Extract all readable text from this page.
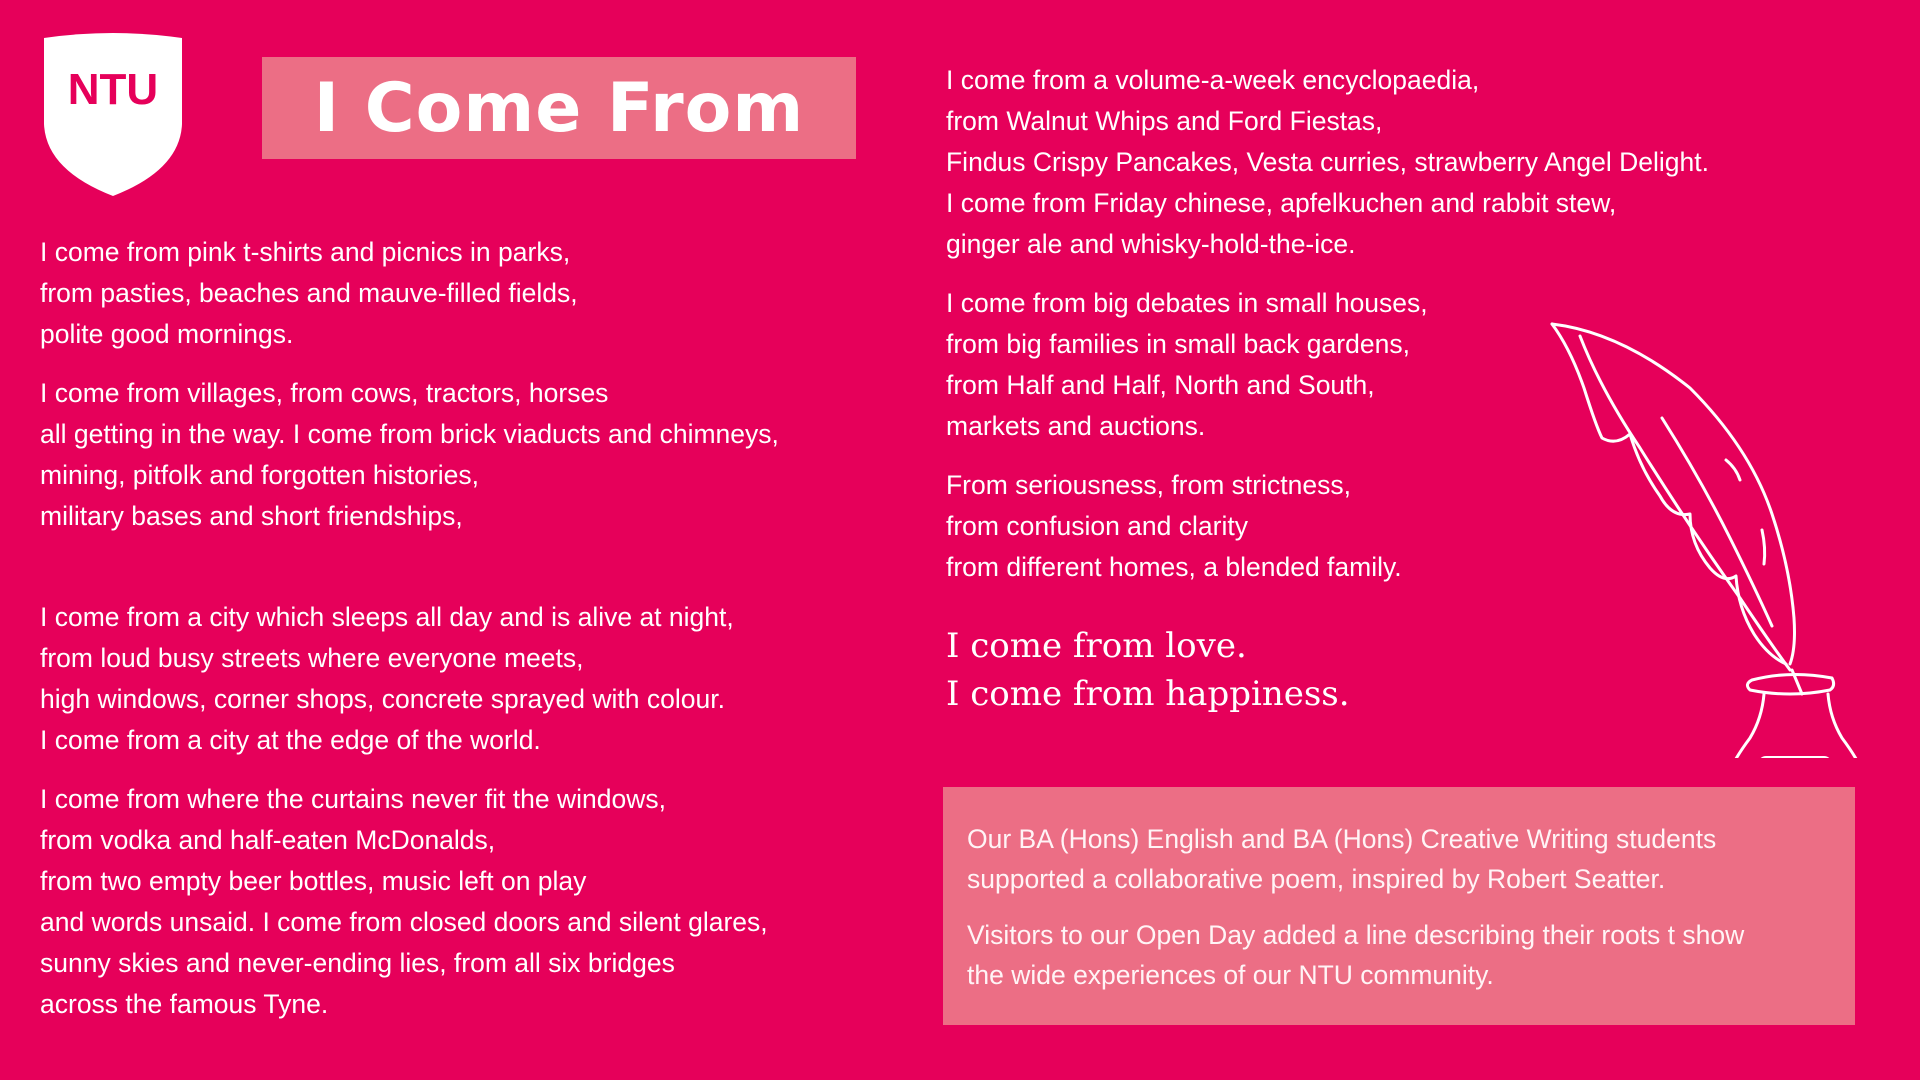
NTU I Come From
I come from pink t-shirts and picnics in parks,
from pasties, beaches and mauve-filled fields,
polite good mornings.
I come from villages, from cows, tractors, horses
all getting in the way. I come from brick viaducts and chimneys,
mining, pitfolk and forgotten histories,
military bases and short friendships,
I come from a city which sleeps all day and is alive at night,
from loud busy streets where everyone meets,
high windows, corner shops, concrete sprayed with colour.
I come from a city at the edge of the world.
I come from where the curtains never fit the windows,
from vodka and half-eaten McDonalds,
from two empty beer bottles, music left on play
and words unsaid. I come from closed doors and silent glares,
sunny skies and never-ending lies, from all six bridges
across the famous Tyne.
I come from a volume-a-week encyclopaedia,
from Walnut Whips and Ford Fiestas,
Findus Crispy Pancakes, Vesta curries, strawberry Angel Delight.
I come from Friday chinese, apfelkuchen and rabbit stew,
ginger ale and whisky-hold-the-ice.
I come from big debates in small houses,
from big families in small back gardens,
from Half and Half, North and South,
markets and auctions.
From seriousness, from strictness,
from confusion and clarity
from different homes, a blended family.
I come from love.
I come from happiness.

Our BA (Hons) English and BA (Hons) Creative Writing students
supported a collaborative poem, inspired by Robert Seatter.

Visitors to our Open Day added a line describing their roots t show
the wide experiences of our NTU community.
